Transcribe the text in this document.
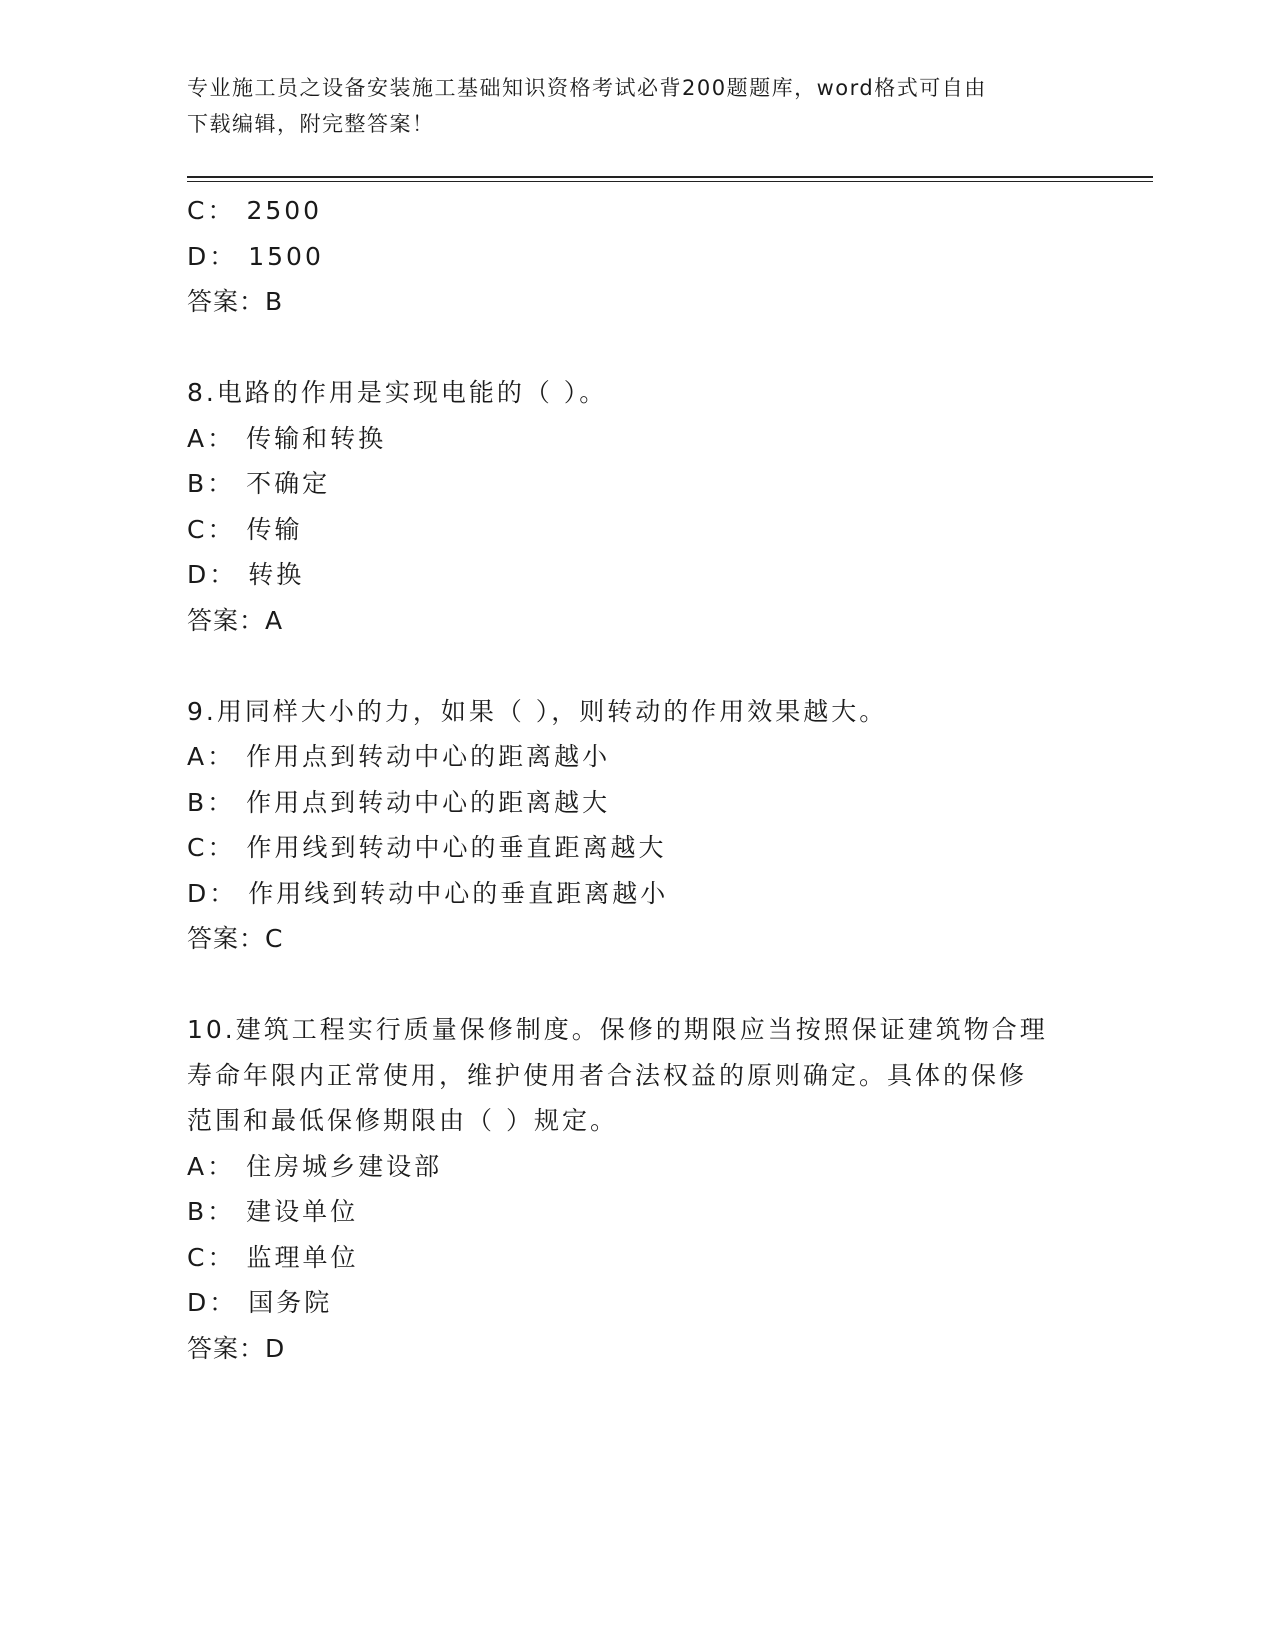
专业施工员之设备安装施工基础知识资格考试必背200题题库，word格式可自由
下载编辑，附完整答案！
C： 2500
D： 1500
答案：B
8.电路的作用是实现电能的（ ）。
A： 传输和转换
B： 不确定
C： 传输
D： 转换
答案：A
9.用同样大小的力，如果（ ），则转动的作用效果越大。
A： 作用点到转动中心的距离越小
B： 作用点到转动中心的距离越大
C： 作用线到转动中心的垂直距离越大
D： 作用线到转动中心的垂直距离越小
答案：C
10.建筑工程实行质量保修制度。保修的期限应当按照保证建筑物合理
寿命年限内正常使用，维护使用者合法权益的原则确定。具体的保修
范围和最低保修期限由（ ）规定。
A： 住房城乡建设部
B： 建设单位
C： 监理单位
D： 国务院
答案：D
